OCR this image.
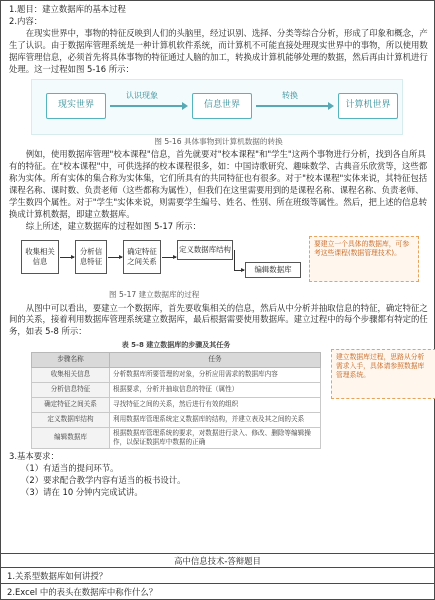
1.题目：建立数据库的基本过程

2.内容：

在现实世界中，事物的特征反映到人们的头脑里，经过识别、选择、分类等综合分析，形成了印象和概念，产生了认识。由于数据库管理系统是一种计算机软件系统，而计算机不可能直接处理现实世界中的事物，所以使用数据库管理信息，必须首先将具体事物的特征通过人脑的加工，转换成计算机能够处理的数据，然后再由计算机进行处理。这一过程如图 5-16 所示：

现实世界
认识现象
信息世界
转换
计算机世界

图 5-16 具体事物到计算机数据的转换

例如，使用数据库管理"校本课程"信息，首先就要对"校本课程"和"学生"这两个事物进行分析，找到各自所具有的特征。在"校本课程"中，可供选择的校本课程很多，如：中国诗歌研究、趣味数学、古典音乐欣赏等，这些都称为实体。所有实体的集合称为实体集，它们所具有的共同特征也有很多。对于"校本课程"实体来说，其特征包括课程名称、课时数、负责老师（这些都称为属性），但我们在这里需要用到的是课程名称、课程名称、负责老师、学生数四个属性。对于"学生"实体来说，则需要学生编号、姓名、性别、所在班级等属性。然后，把上述的信息转换成计算机数据，即建立数据库。

综上所述，建立数据库的过程如图 5-17 所示：

收集相关信息
分析信息特征
确定特征之间关系
定义数据库结构
编辑数据库
要建立一个具体的数据库，可参考这些课程(数据管理技术)。

图 5-17 建立数据库的过程

从图中可以看出，要建立一个数据库，首先要收集相关的信息，然后从中分析并抽取信息的特征，确定特征之间的关系，接着利用数据库管理系统建立数据库，最后根据需要使用数据库。建立过程中的每个步骤都有特定的任务，如表 5-8 所示：

表 5-8 建立数据库的步骤及其任务
步骤名称	任务
收集相关信息	分析数据库所要管理的对象，分析应用需求的数据库内容
分析信息特征	根据要求，分析并抽取信息的特征（属性）
确定特征之间关系	寻找特征之间的关系，然后进行有效的组织
定义数据库结构	利用数据库管理系统定义数据库的结构，并建立表及其之间的关系
编辑数据库	根据数据库管理系统的要求，对数据进行录入、修改、删除等编辑操作，以保证数据库中数据的正确
建立数据库过程，思路从分析需求入手，具体请参照数据库管理系统。

3.基本要求：

（1）有适当的提问环节。

（2）要求配合教学内容有适当的板书设计。

（3）请在 10 分钟内完成试讲。

高中信息技术-答辩题目
1.关系型数据库如何讲授？
2.Excel 中的表头在数据库中称作什么？
